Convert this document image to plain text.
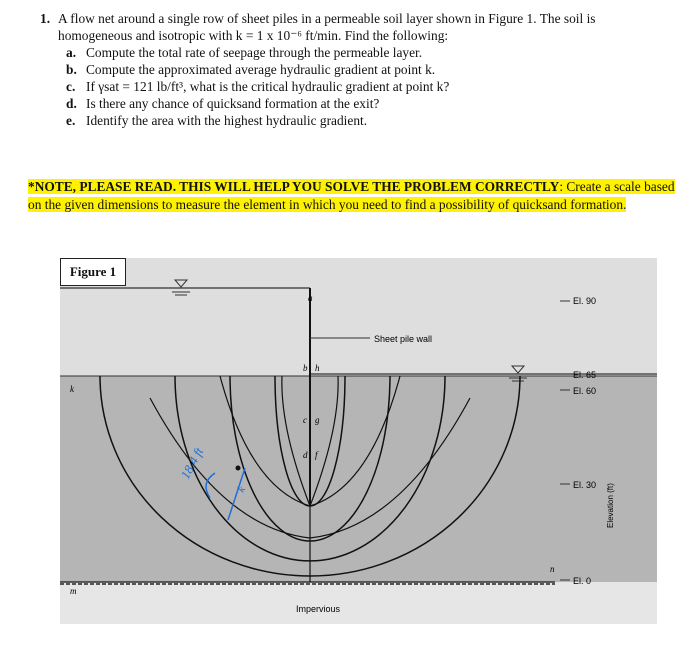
1. A flow net around a single row of sheet piles in a permeable soil layer shown in Figure 1. The soil is
homogeneous and isotropic with k = 1 x 10⁻⁶ ft/min. Find the following:
a. Compute the total rate of seepage through the permeable layer.
b. Compute the approximated average hydraulic gradient at point k.
c. If γsat = 121 lb/ft³, what is the critical hydraulic gradient at point k?
d. Is there any chance of quicksand formation at the exit?
e. Identify the area with the highest hydraulic gradient.
*NOTE, PLEASE READ. THIS WILL HELP YOU SOLVE THE PROBLEM CORRECTLY: Create a scale based on the given dimensions to measure the element in which you need to find a possibility of quicksand formation.
Sheet pile wall
a
b h
c g
d f
k
m
n
El. 90
El. 65
El. 60
El. 30
El. 0
Elevation (ft)
18.4 ft
k
Impervious
Figure 1
